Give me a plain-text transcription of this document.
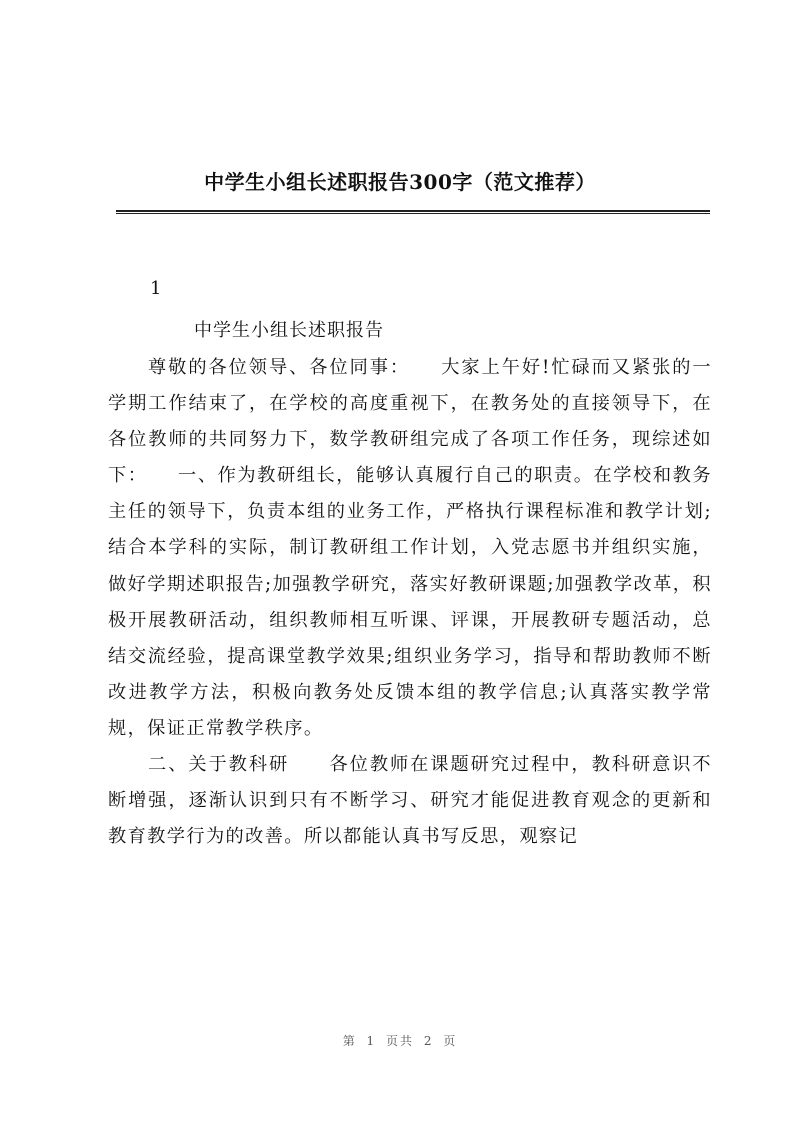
中学生小组长述职报告300字（范文推荐）
1
中学生小组长述职报告

尊敬的各位领导、各位同事：　　大家上午好!忙碌而又紧张的一学期工作结束了，在学校的高度重视下，在教务处的直接领导下，在各位教师的共同努力下，数学教研组完成了各项工作任务，现综述如下：　　一、作为教研组长，能够认真履行自己的职责。在学校和教务主任的领导下，负责本组的业务工作，严格执行课程标准和教学计划;结合本学科的实际，制订教研组工作计划，入党志愿书并组织实施，做好学期述职报告;加强教学研究，落实好教研课题;加强教学改革，积极开展教研活动，组织教师相互听课、评课，开展教研专题活动，总结交流经验，提高课堂教学效果;组织业务学习，指导和帮助教师不断改进教学方法，积极向教务处反馈本组的教学信息;认真落实教学常规，保证正常教学秩序。

二、关于教科研　　各位教师在课题研究过程中，教科研意识不断增强，逐渐认识到只有不断学习、研究才能促进教育观念的更新和教育教学行为的改善。所以都能认真书写反思，观察记

第 1 页共 2 页
